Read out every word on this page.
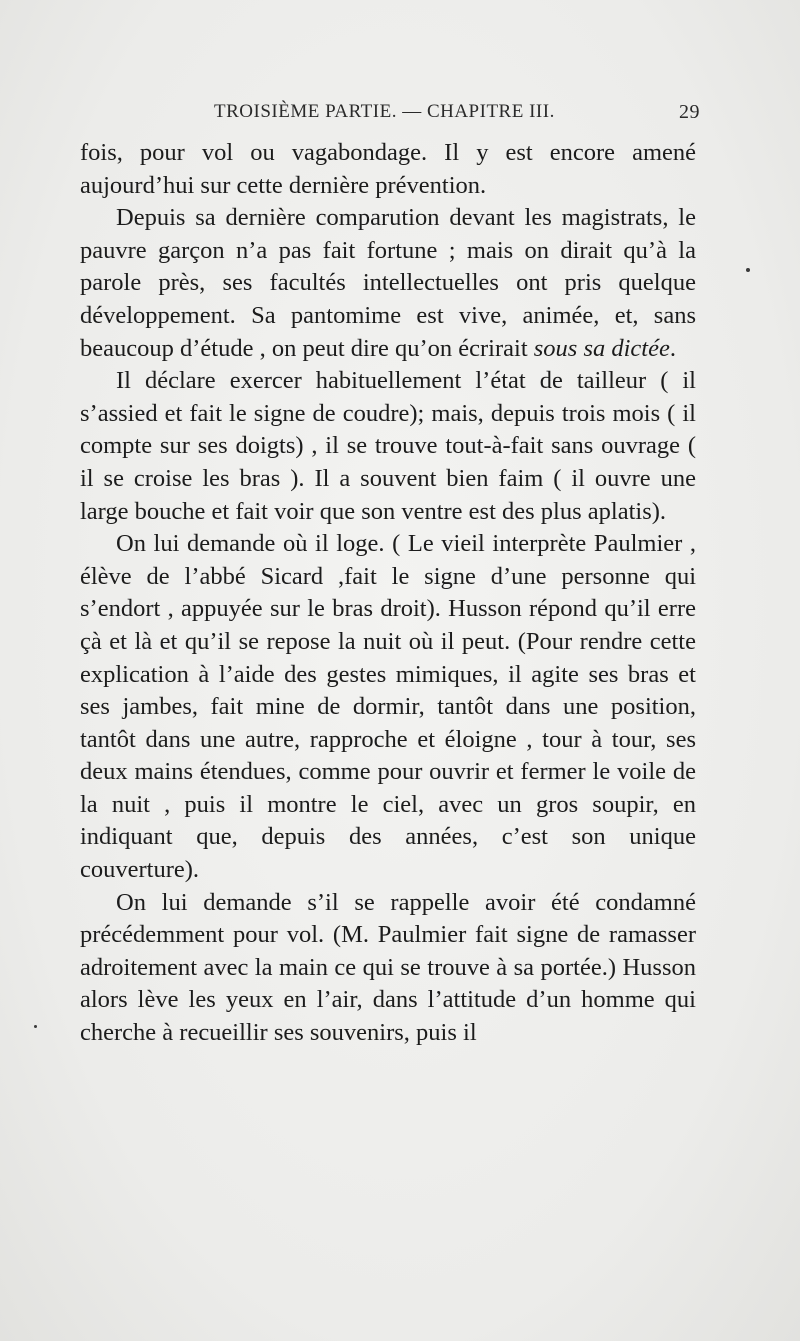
TROISIÈME PARTIE. — CHAPITRE III.	29

fois, pour vol ou vagabondage. Il y est encore amené aujourd’hui sur cette dernière prévention.

Depuis sa dernière comparution devant les magistrats, le pauvre garçon n’a pas fait fortune ; mais on dirait qu’à la parole près, ses facultés intellectuelles ont pris quelque développement. Sa pantomime est vive, animée, et, sans beaucoup d’étude , on peut dire qu’on écrirait sous sa dictée.

Il déclare exercer habituellement l’état de tailleur ( il s’assied et fait le signe de coudre); mais, depuis trois mois ( il compte sur ses doigts) , il se trouve tout-à-fait sans ouvrage ( il se croise les bras ). Il a souvent bien faim ( il ouvre une large bouche et fait voir que son ventre est des plus aplatis).

On lui demande où il loge. ( Le vieil interprète Paulmier , élève de l’abbé Sicard ,fait le signe d’une personne qui s’endort , appuyée sur le bras droit). Husson répond qu’il erre çà et là et qu’il se repose la nuit où il peut. (Pour rendre cette explication à l’aide des gestes mimiques, il agite ses bras et ses jambes, fait mine de dormir, tantôt dans une position, tantôt dans une autre, rapproche et éloigne , tour à tour, ses deux mains étendues, comme pour ouvrir et fermer le voile de la nuit , puis il montre le ciel, avec un gros soupir, en indiquant que, depuis des années, c’est son unique couverture).

On lui demande s’il se rappelle avoir été condamné précédemment pour vol. (M. Paulmier fait signe de ramasser adroitement avec la main ce qui se trouve à sa portée.) Husson alors lève les yeux en l’air, dans l’attitude d’un homme qui cherche à recueillir ses souvenirs, puis il
